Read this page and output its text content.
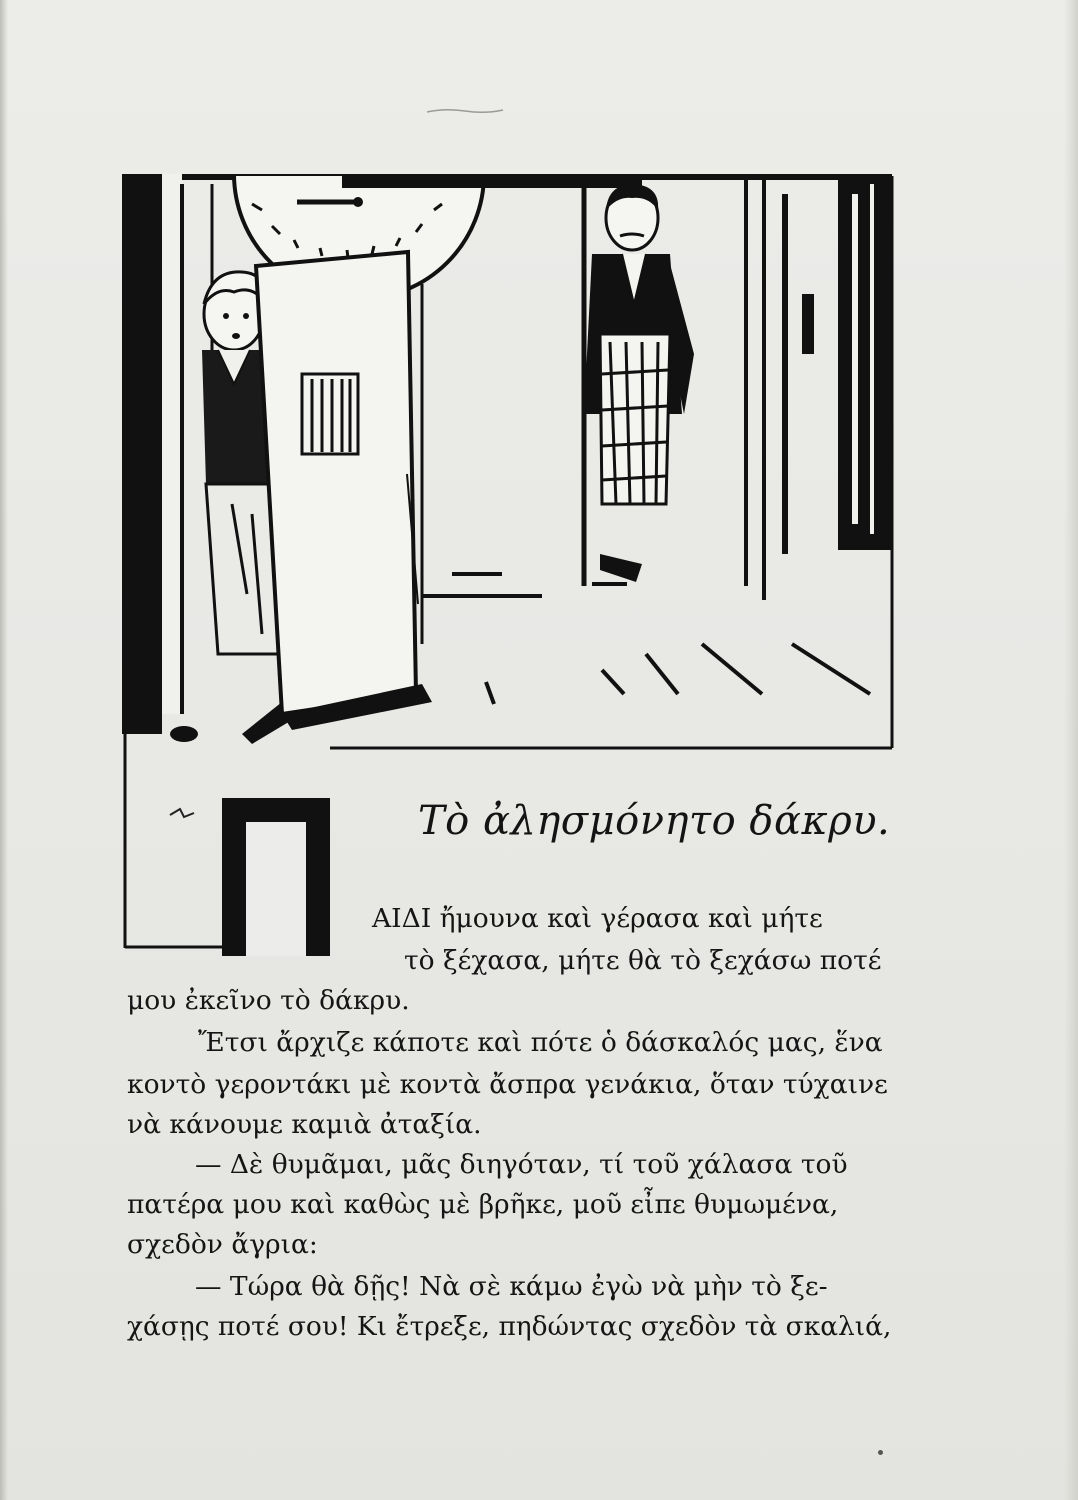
Τὸ ἀλησμόνητο δάκρυ.
ΑΙΔΙ ἤμουνα καὶ γέρασα καὶ μήτε
τὸ ξέχασα, μήτε θὰ τὸ ξεχάσω ποτέ
μου ἐκεῖνο τὸ δάκρυ.
Ἔτσι ἄρχιζε κάποτε καὶ πότε ὁ δάσκαλός μας, ἕνα
κοντὸ γεροντάκι μὲ κοντὰ ἄσπρα γενάκια, ὅταν τύχαινε
νὰ κάνουμε καμιὰ ἀταξία.
— Δὲ θυμᾶμαι, μᾶς διηγόταν, τί τοῦ χάλασα τοῦ
πατέρα μου καὶ καθὼς μὲ βρῆκε, μοῦ εἶπε θυμωμένα,
σχεδὸν ἄγρια:
— Τώρα θὰ δῇς! Νὰ σὲ κάμω ἐγὼ νὰ μὴν τὸ ξε-
χάσῃς ποτέ σου! Κι ἔτρεξε, πηδώντας σχεδὸν τὰ σκαλιά,
